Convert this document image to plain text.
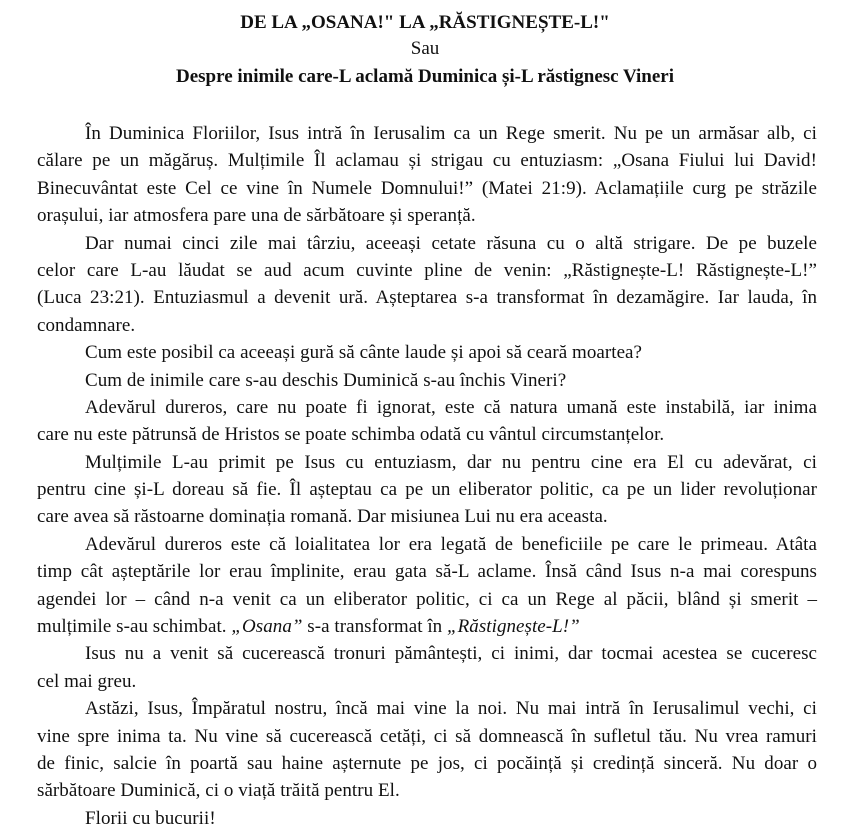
DE LA „OSANA!" LA „RĂSTIGNEȘTE-L!"
Sau
Despre inimile care-L aclamă Duminica și-L răstignesc Vineri
În Duminica Floriilor, Isus intră în Ierusalim ca un Rege smerit. Nu pe un armăsar alb, ci
călare pe un măgăruș. Mulțimile Îl aclamau și strigau cu entuziasm: „Osana Fiului lui David!
Binecuvântat este Cel ce vine în Numele Domnului!” (Matei 21:9). Aclamațiile curg pe străzile
orașului, iar atmosfera pare una de sărbătoare și speranță.
Dar numai cinci zile mai târziu, aceeași cetate răsuna cu o altă strigare. De pe buzele
celor care L-au lăudat se aud acum cuvinte pline de venin: „Răstignește-L! Răstignește-L!”
(Luca 23:21). Entuziasmul a devenit ură. Așteptarea s-a transformat în dezamăgire. Iar lauda, în
condamnare.
Cum este posibil ca aceeași gură să cânte laude și apoi să ceară moartea?
Cum de inimile care s-au deschis Duminică s-au închis Vineri?
Adevărul dureros, care nu poate fi ignorat, este că natura umană este instabilă, iar inima
care nu este pătrunsă de Hristos se poate schimba odată cu vântul circumstanțelor.
Mulțimile L-au primit pe Isus cu entuziasm, dar nu pentru cine era El cu adevărat, ci
pentru cine și-L doreau să fie. Îl așteptau ca pe un eliberator politic, ca pe un lider revoluționar
care avea să răstoarne dominația romană. Dar misiunea Lui nu era aceasta.
Adevărul dureros este că loialitatea lor era legată de beneficiile pe care le primeau. Atâta
timp cât așteptările lor erau împlinite, erau gata să-L aclame. Însă când Isus n-a mai corespuns
agendei lor – când n-a venit ca un eliberator politic, ci ca un Rege al păcii, blând și smerit –
mulțimile s-au schimbat. „Osana” s-a transformat în „Răstignește-L!”
Isus nu a venit să cucerească tronuri pământești, ci inimi, dar tocmai acestea se cuceresc
cel mai greu.
Astăzi, Isus, Împăratul nostru, încă mai vine la noi. Nu mai intră în Ierusalimul vechi, ci
vine spre inima ta. Nu vine să cucerească cetăți, ci să domnească în sufletul tău. Nu vrea ramuri
de finic, salcie în poartă sau haine așternute pe jos, ci pocăință și credință sinceră. Nu doar o
sărbătoare Duminică, ci o viață trăită pentru El.
Florii cu bucurii!
